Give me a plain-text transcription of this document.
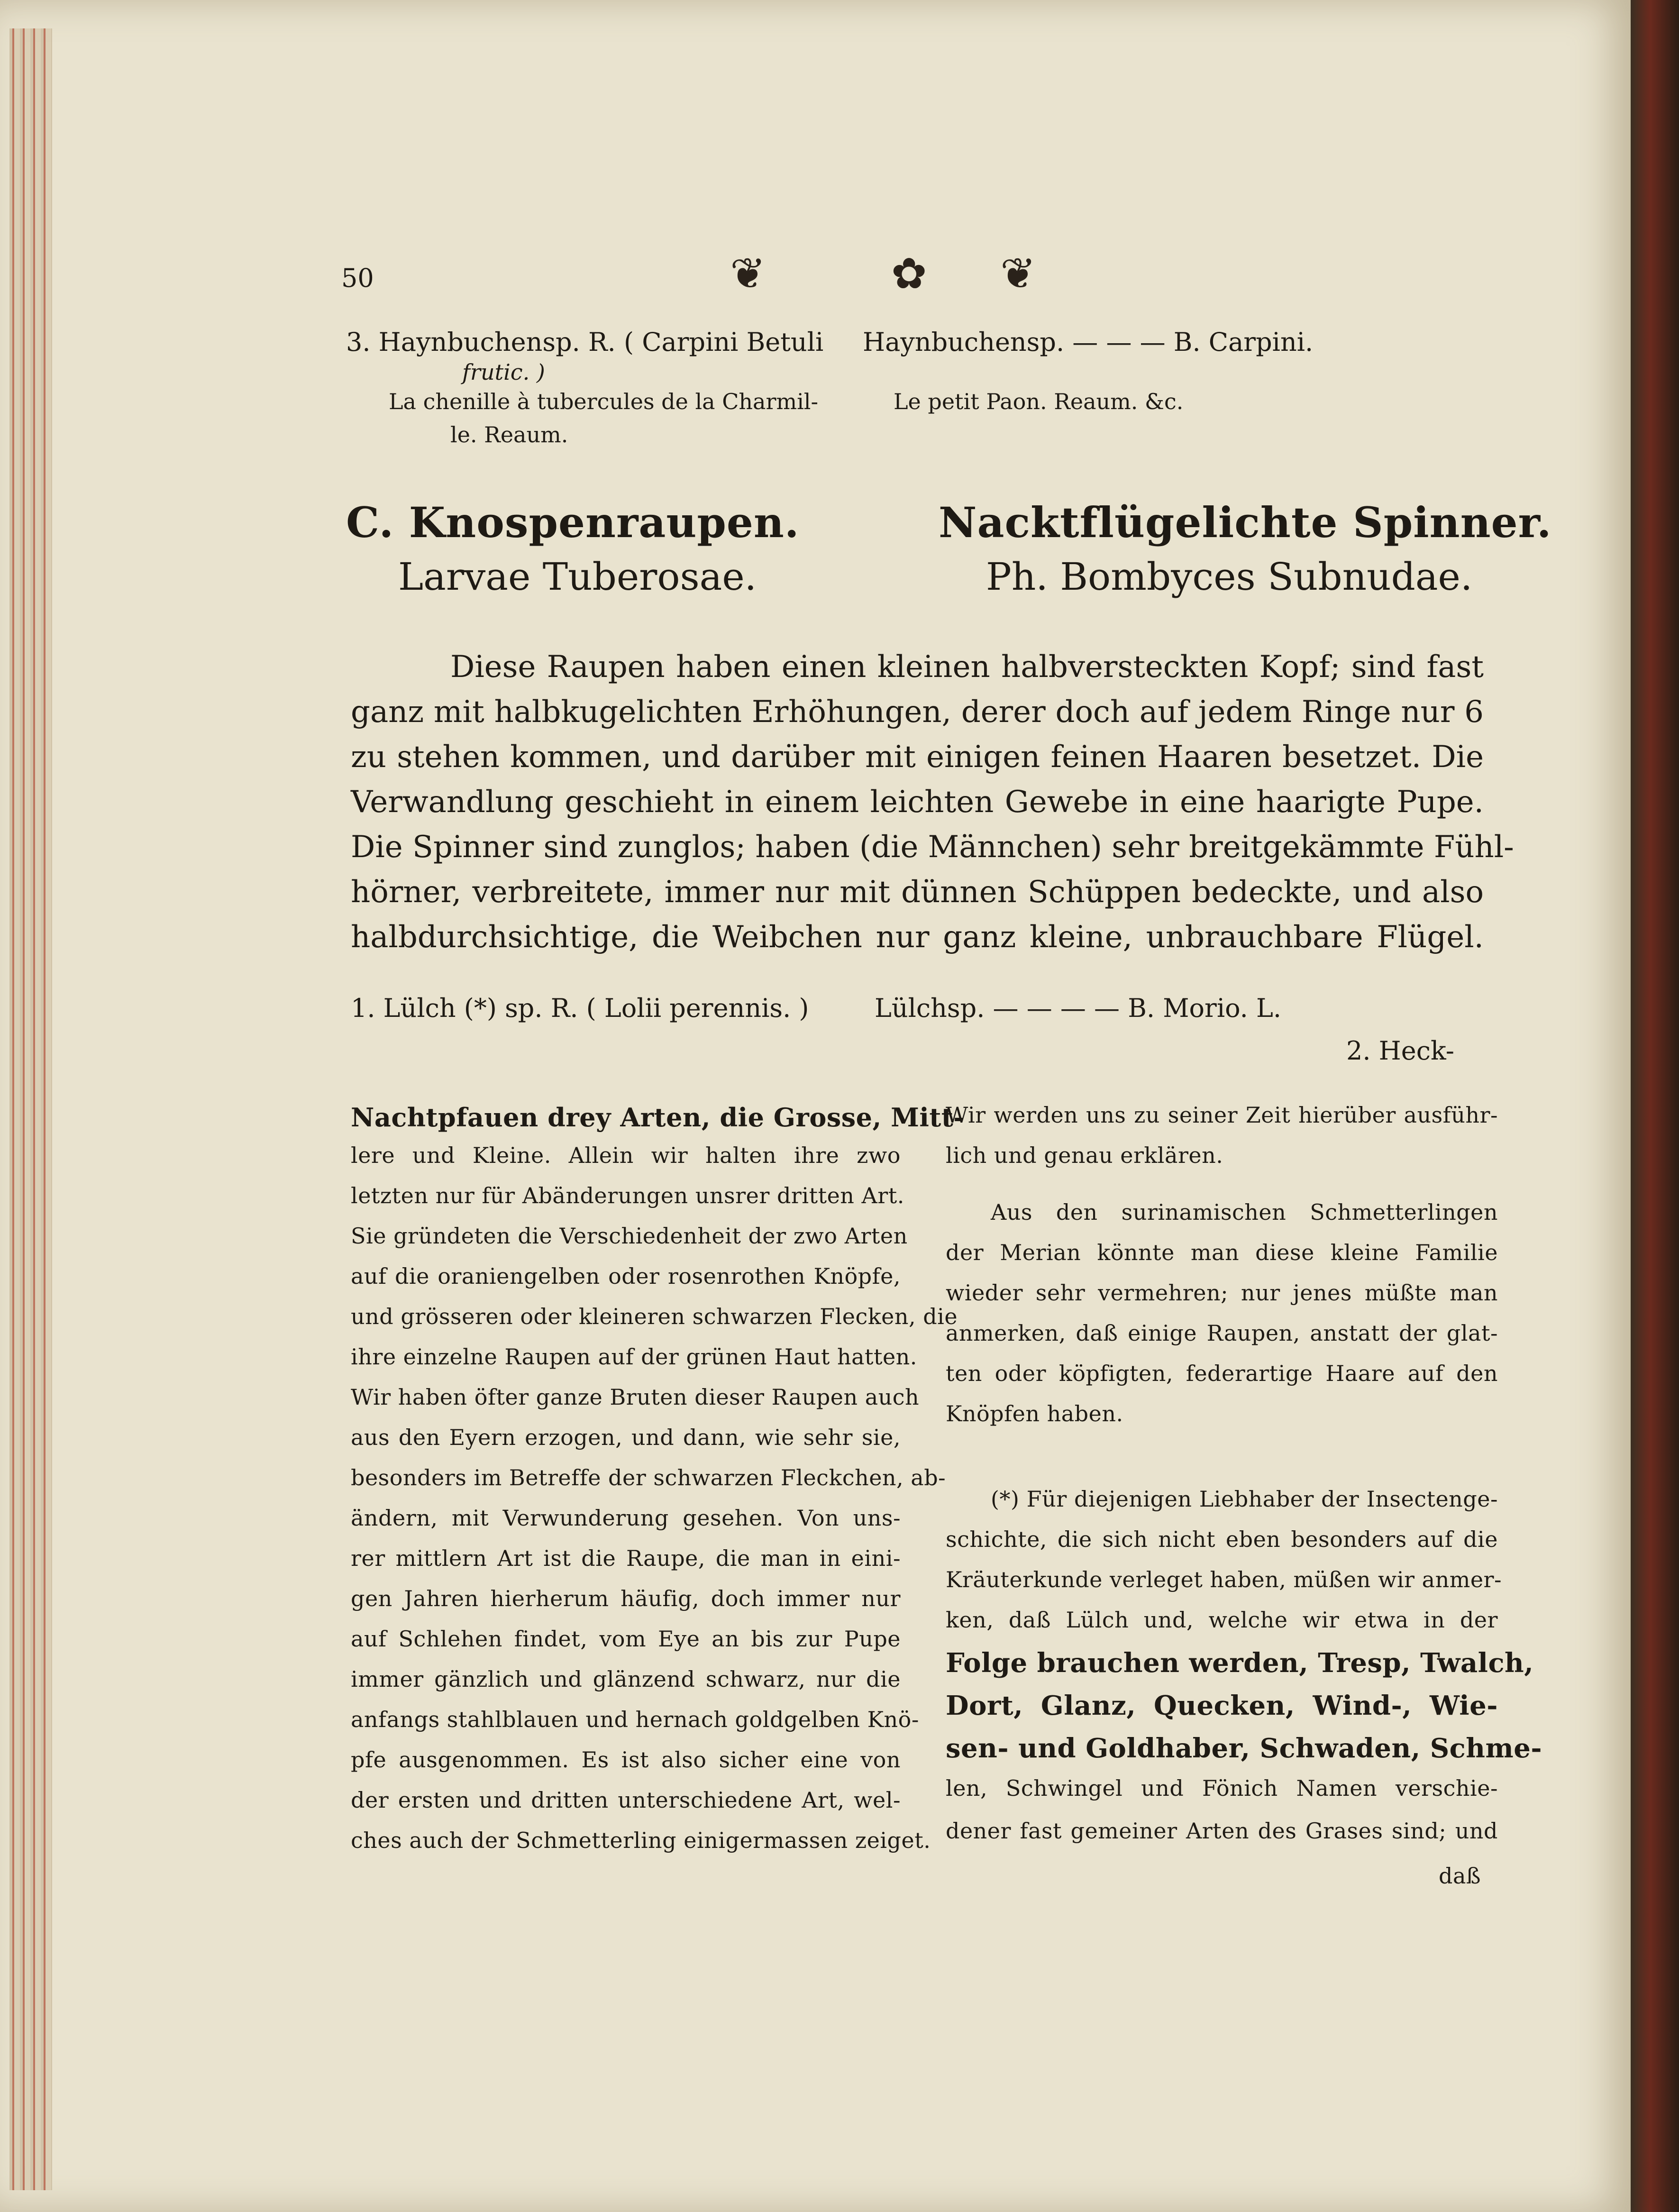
50	❦	✿ ❦
3. Haynbuchensp. R. ( Carpini Betuli
frutic. )
La chenille à tubercules de la Charmil-
le. Reaum.
Haynbuchensp. — — — B. Carpini.
Le petit Paon. Reaum. &c.
C. Knospenraupen.
Larvae Tuberosae.
Nacktflügelichte Spinner.
Ph. Bombyces Subnudae.
Diese Raupen haben einen kleinen halbversteckten Kopf; sind fast
ganz mit halbkugelichten Erhöhungen, derer doch auf jedem Ringe nur 6
zu stehen kommen, und darüber mit einigen feinen Haaren besetzet. Die
Verwandlung geschieht in einem leichten Gewebe in eine haarigte Pupe.
Die Spinner sind zunglos; haben (die Männchen) sehr breitgekämmte Fühl-
hörner, verbreitete, immer nur mit dünnen Schüppen bedeckte, und also
halbdurchsichtige, die Weibchen nur ganz kleine, unbrauchbare Flügel.
1. Lülch (*) sp. R. ( Lolii perennis. )	Lülchsp. — — — — B. Morio. L.
2. Heck-
Nachtpfauen drey Arten, die Grosse, Mitt-
lere und Kleine. Allein wir halten ihre zwo
letzten nur für Abänderungen unsrer dritten Art.
Sie gründeten die Verschiedenheit der zwo Arten
auf die oraniengelben oder rosenrothen Knöpfe,
und grösseren oder kleineren schwarzen Flecken, die
ihre einzelne Raupen auf der grünen Haut hatten.
Wir haben öfter ganze Bruten dieser Raupen auch
aus den Eyern erzogen, und dann, wie sehr sie,
besonders im Betreffe der schwarzen Fleckchen, ab-
ändern, mit Verwunderung gesehen. Von uns-
rer mittlern Art ist die Raupe, die man in eini-
gen Jahren hierherum häufig, doch immer nur
auf Schlehen findet, vom Eye an bis zur Pupe
immer gänzlich und glänzend schwarz, nur die
anfangs stahlblauen und hernach goldgelben Knö-
pfe ausgenommen. Es ist also sicher eine von
der ersten und dritten unterschiedene Art, wel-
ches auch der Schmetterling einigermassen zeiget.
Wir werden uns zu seiner Zeit hierüber ausführ-
lich und genau erklären.
Aus den surinamischen Schmetterlingen
der Merian könnte man diese kleine Familie
wieder sehr vermehren; nur jenes müßte man
anmerken, daß einige Raupen, anstatt der glat-
ten oder köpfigten, federartige Haare auf den
Knöpfen haben.
(*) Für diejenigen Liebhaber der Insectenge-
schichte, die sich nicht eben besonders auf die
Kräuterkunde verleget haben, müßen wir anmer-
ken, daß Lülch und, welche wir etwa in der
Folge brauchen werden, Tresp, Twalch,
Dort, Glanz, Quecken, Wind-, Wie-
sen- und Goldhaber, Schwaden, Schme-
len, Schwingel und Fönich Namen verschie-
dener fast gemeiner Arten des Grases sind; und
daß
